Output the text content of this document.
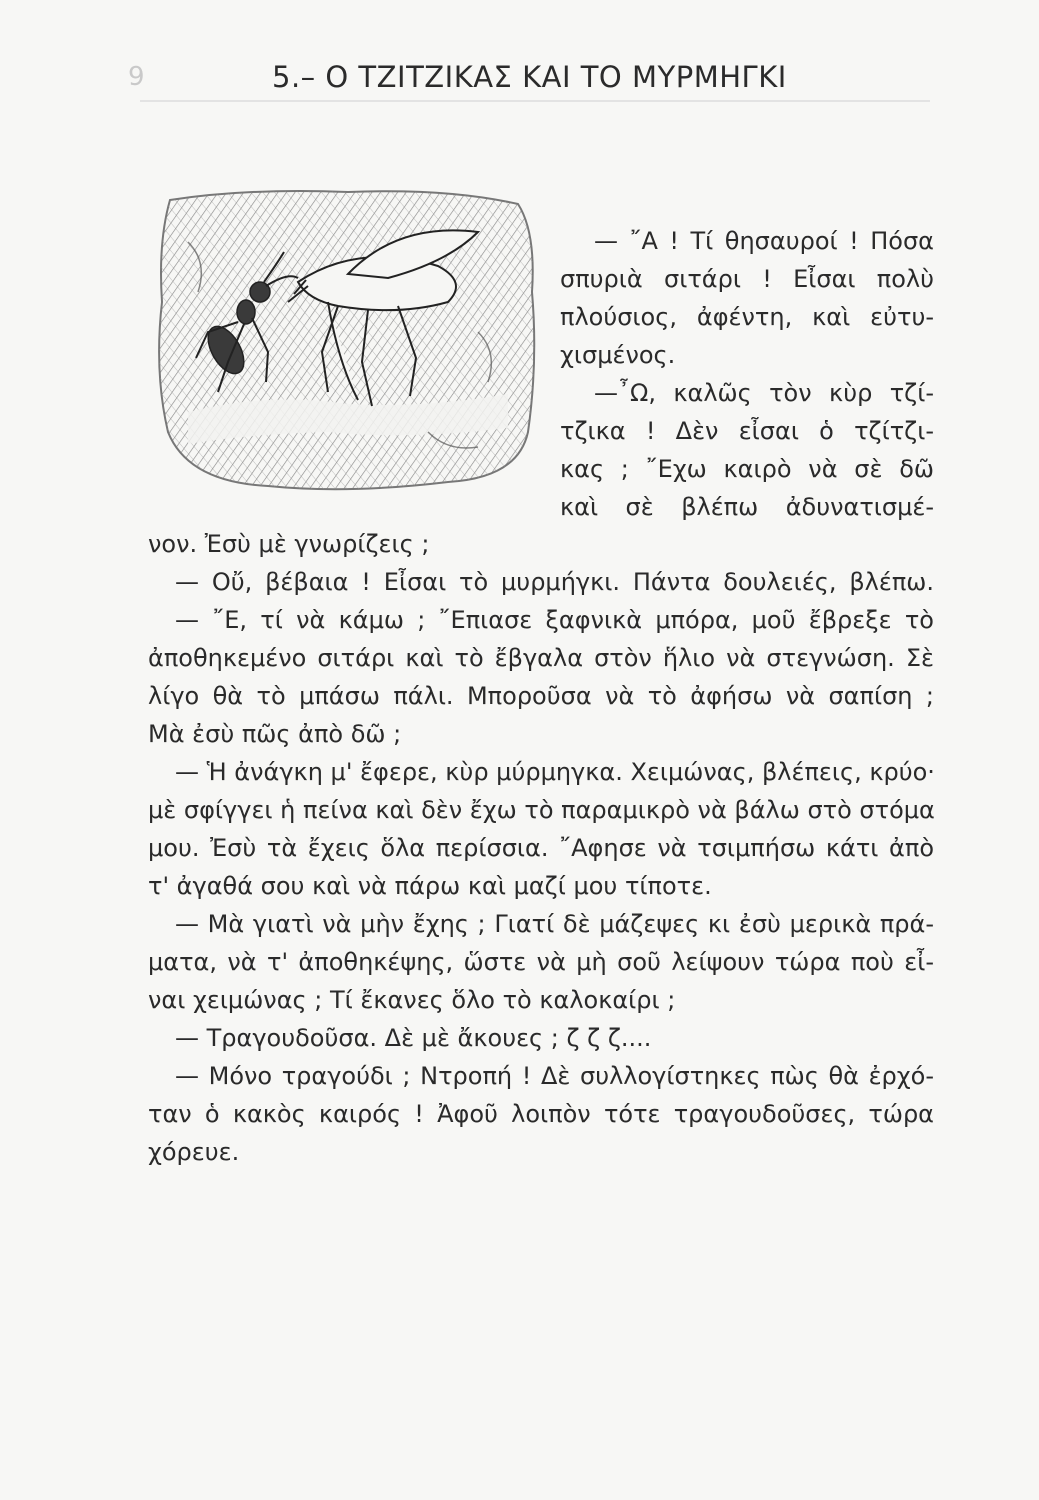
9	5.– Ο ΤΖΙΤΖΙΚΑΣ ΚΑΙ ΤΟ ΜΥΡΜΗΓΚΙ

— ῎Α ! Τί θησαυροί ! Πόσα

σπυριὰ σιτάρι ! Εἶσαι πολὺ

πλούσιος, ἀφέντη, καὶ εὐτυ-

χισμένος.

—῏Ω, καλῶς τὸν κὺρ τζί-

τζικα ! Δὲν εἶσαι ὁ τζίτζι-

κας ; ῎Εχω καιρὸ νὰ σὲ δῶ

καὶ σὲ βλέπω ἀδυνατισμέ-

νον. Ἐσὺ μὲ γνωρίζεις ;

— Οὔ, βέβαια ! Εἶσαι τὸ μυρμήγκι. Πάντα δουλειές, βλέπω.

— ῎Ε, τί νὰ κάμω ; ῎Επιασε ξαφνικὰ μπόρα, μοῦ ἔβρεξε τὸ

ἀποθηκεμένο σιτάρι καὶ τὸ ἔβγαλα στὸν ἥλιο νὰ στεγνώση. Σὲ

λίγο θὰ τὸ μπάσω πάλι. Μποροῦσα νὰ τὸ ἀφήσω νὰ σαπίση ;

Μὰ ἐσὺ πῶς ἀπὸ δῶ ;

— Ἡ ἀνάγκη μ' ἔφερε, κὺρ μύρμηγκα. Χειμώνας, βλέπεις, κρύο·

μὲ σφίγγει ἡ πείνα καὶ δὲν ἔχω τὸ παραμικρὸ νὰ βάλω στὸ στόμα

μου. Ἐσὺ τὰ ἔχεις ὅλα περίσσια. ῎Αφησε νὰ τσιμπήσω κάτι ἀπὸ

τ' ἀγαθά σου καὶ νὰ πάρω καὶ μαζί μου τίποτε.

— Μὰ γιατὶ νὰ μὴν ἔχης ; Γιατί δὲ μάζεψες κι ἐσὺ μερικὰ πρά-

ματα, νὰ τ' ἀποθηκέψης, ὥστε νὰ μὴ σοῦ λείψουν τώρα ποὺ εἶ-

ναι χειμώνας ; Τί ἔκανες ὅλο τὸ καλοκαίρι ;

— Τραγουδοῦσα. Δὲ μὲ ἄκουες ; ζ ζ ζ....

— Μόνο τραγούδι ; Ντροπή ! Δὲ συλλογίστηκες πὼς θὰ ἐρχό-

ταν ὁ κακὸς καιρός ! Ἀφοῦ λοιπὸν τότε τραγουδοῦσες, τώρα

χόρευε.
